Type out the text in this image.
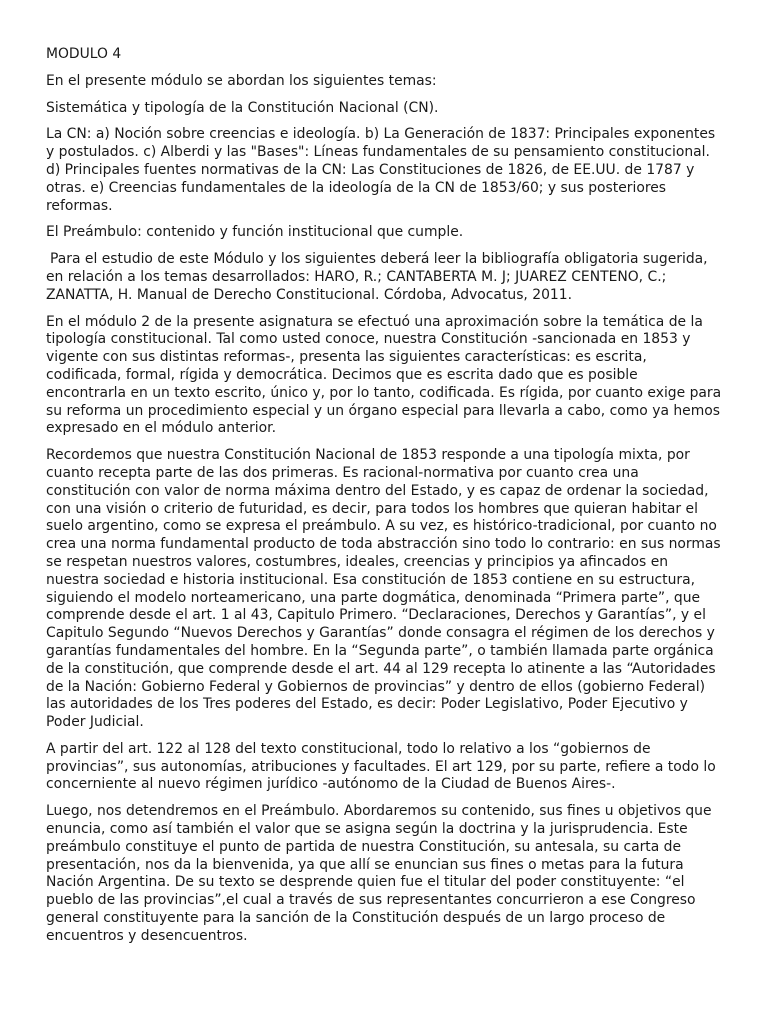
MODULO 4

En el presente módulo se abordan los siguientes temas:

Sistemática y tipología de la Constitución Nacional (CN).

La CN: a) Noción sobre creencias e ideología. b) La Generación de 1837: Principales exponentes y postulados. c) Alberdi y las "Bases": Líneas fundamentales de su pensamiento constitucional. d) Principales fuentes normativas de la CN: Las Constituciones de 1826, de EE.UU. de 1787 y otras. e) Creencias fundamentales de la ideología de la CN de 1853/60; y sus posteriores reformas.

El Preámbulo: contenido y función institucional que cumple.

Para el estudio de este Módulo y los siguientes deberá leer la bibliografía obligatoria sugerida, en relación a los temas desarrollados: HARO, R.; CANTABERTA M. J; JUAREZ CENTENO, C.; ZANATTA, H. Manual de Derecho Constitucional. Córdoba, Advocatus, 2011.

En el módulo 2 de la presente asignatura se efectuó una aproximación sobre la temática de la tipología constitucional. Tal como usted conoce, nuestra Constitución -sancionada en 1853 y vigente con sus distintas reformas-, presenta las siguientes características: es escrita, codificada, formal, rígida y democrática. Decimos que es escrita dado que es posible encontrarla en un texto escrito, único y, por lo tanto, codificada. Es rígida, por cuanto exige para su reforma un procedimiento especial y un órgano especial para llevarla a cabo, como ya hemos expresado en el módulo anterior.

Recordemos que nuestra Constitución Nacional de 1853 responde a una tipología mixta, por cuanto recepta parte de las dos primeras. Es racional-normativa por cuanto crea una constitución con valor de norma máxima dentro del Estado, y es capaz de ordenar la sociedad, con una visión o criterio de futuridad, es decir, para todos los hombres que quieran habitar el suelo argentino, como se expresa el preámbulo. A su vez, es histórico-tradicional, por cuanto no crea una norma fundamental producto de toda abstracción sino todo lo contrario: en sus normas se respetan nuestros valores, costumbres, ideales, creencias y principios ya afincados en nuestra sociedad e historia institucional. Esa constitución de 1853 contiene en su estructura, siguiendo el modelo norteamericano, una parte dogmática, denominada “Primera parte”, que comprende desde el art. 1 al 43, Capitulo Primero. “Declaraciones, Derechos y Garantías”, y el Capitulo Segundo “Nuevos Derechos y Garantías” donde consagra el régimen de los derechos y garantías fundamentales del hombre. En la “Segunda parte”, o también llamada parte orgánica de la constitución, que comprende desde el art. 44 al 129 recepta lo atinente a las “Autoridades de la Nación: Gobierno Federal y Gobiernos de provincias” y dentro de ellos (gobierno Federal) las autoridades de los Tres poderes del Estado, es decir: Poder Legislativo, Poder Ejecutivo y Poder Judicial.

A partir del art. 122 al 128 del texto constitucional, todo lo relativo a los “gobiernos de provincias”, sus autonomías, atribuciones y facultades. El art 129, por su parte, refiere a todo lo concerniente al nuevo régimen jurídico -autónomo de la Ciudad de Buenos Aires-.

Luego, nos detendremos en el Preámbulo. Abordaremos su contenido, sus fines u objetivos que enuncia, como así también el valor que se asigna según la doctrina y la jurisprudencia. Este preámbulo constituye el punto de partida de nuestra Constitución, su antesala, su carta de presentación, nos da la bienvenida, ya que allí se enuncian sus fines o metas para la futura Nación Argentina. De su texto se desprende quien fue el titular del poder constituyente: “el pueblo de las provincias”,el cual a través de sus representantes concurrieron a ese Congreso general constituyente para la sanción de la Constitución después de un largo proceso de encuentros y desencuentros.
